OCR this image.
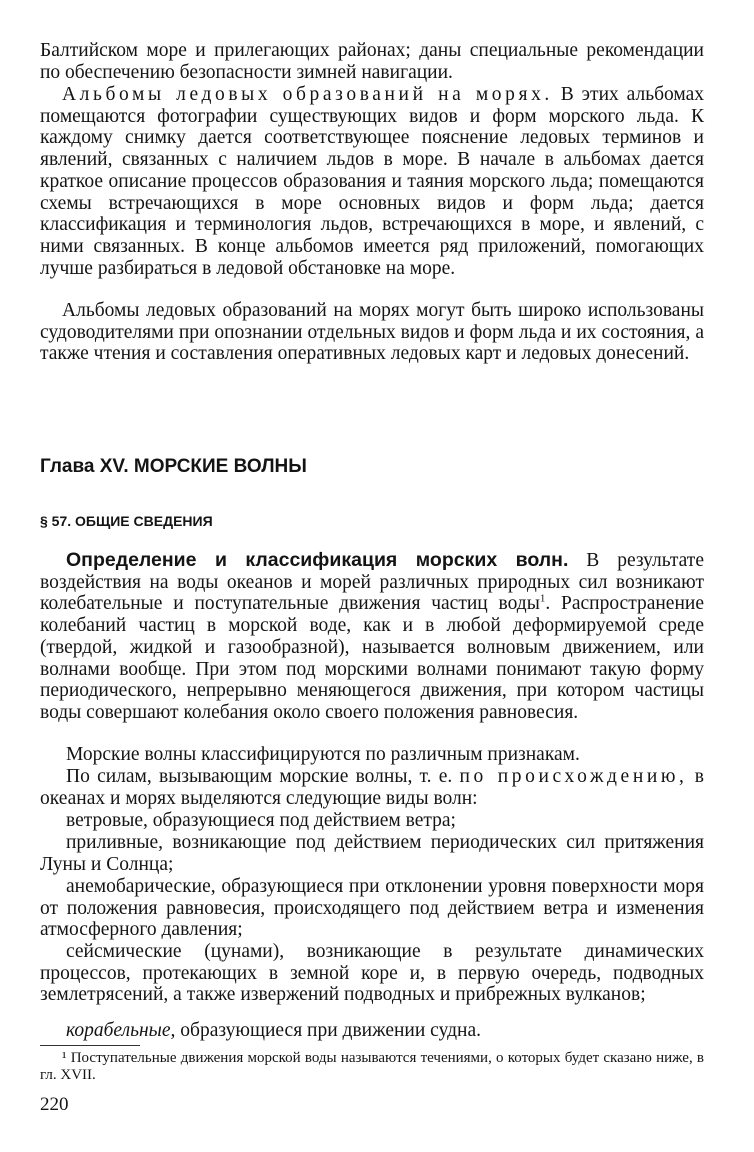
Балтийском море и прилегающих районах; даны специальные рекомендации по обеспечению безопасности зимней навигации.

Альбомы ледовых образований на морях. В этих альбомах помещаются фотографии существующих видов и форм морского льда. К каждому снимку дается соответствующее пояснение ледовых терминов и явлений, связанных с наличием льдов в море. В начале в альбомах дается краткое описание процессов образования и таяния морского льда; помещаются схемы встречающихся в море основных видов и форм льда; дается классификация и терминология льдов, встречающихся в море, и явлений, с ними связанных. В конце альбомов имеется ряд приложений, помогающих лучше разбираться в ледовой обстановке на море.

Альбомы ледовых образований на морях могут быть широко использованы судоводителями при опознании отдельных видов и форм льда и их состояния, а также чтения и составления оперативных ледовых карт и ледовых донесений.

Глава XV. МОРСКИЕ ВОЛНЫ
§ 57. ОБЩИЕ СВЕДЕНИЯ

Определение и классификация морских волн. В результате воздействия на воды океанов и морей различных природных сил возникают колебательные и поступательные движения частиц воды$^1$. Распространение колебаний частиц в морской воде, как и в любой деформируемой среде (твердой, жидкой и газообразной), называется волновым движением, или волнами вообще. При этом под морскими волнами понимают такую форму периодического, непрерывно меняющегося движения, при котором частицы воды совершают колебания около своего положения равновесия.

Морские волны классифицируются по различным признакам.

По силам, вызывающим морские волны, т. е. по происхождению, в океанах и морях выделяются следующие виды волн:

ветровые, образующиеся под действием ветра;

приливные, возникающие под действием периодических сил притяжения Луны и Солнца;

анемобарические, образующиеся при отклонении уровня поверхности моря от положения равновесия, происходящего под действием ветра и изменения атмосферного давления;

сейсмические (цунами), возникающие в результате динамических процессов, протекающих в земной коре и, в первую очередь, подводных землетрясений, а также извержений подводных и прибрежных вулканов;

корабельные, образующиеся при движении судна.

¹ Поступательные движения морской воды называются течениями, о которых будет сказано ниже, в гл. XVII.

220
